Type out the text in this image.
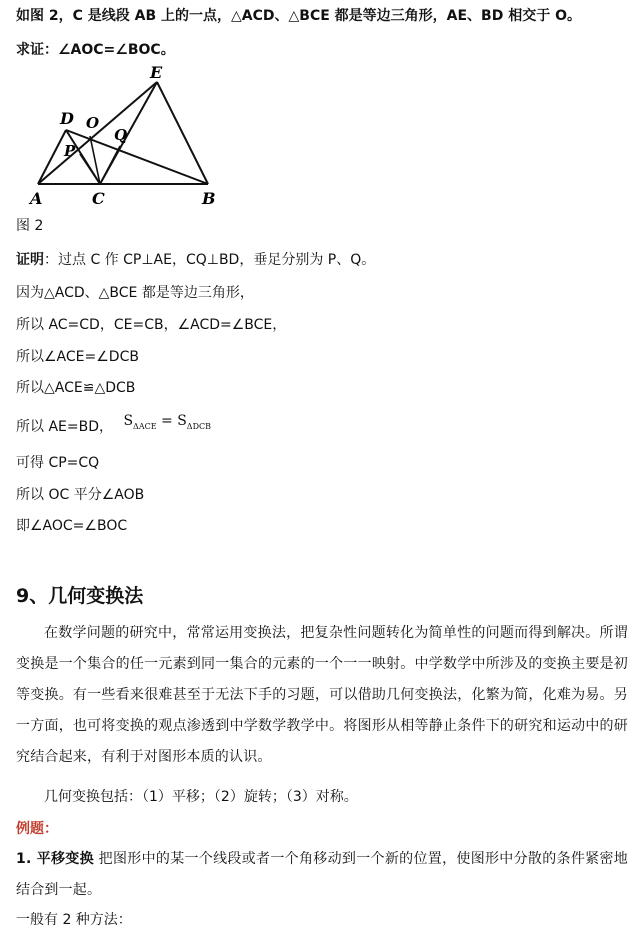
如图 2，C 是线段 AB 上的一点，△ACD、△BCE 都是等边三角形，AE、BD 相交于 O。
求证：∠AOC=∠BOC。
A	C	B
D
E
O
P
Q
图 2
证明：过点 C 作 CP⊥AE，CQ⊥BD，垂足分别为 P、Q。
因为△ACD、△BCE 都是等边三角形，
所以 AC=CD，CE=CB，∠ACD=∠BCE，
所以∠ACE=∠DCB
所以△ACE≌△DCB
所以 AE=BD， $S_{\Delta ACE} = S_{\Delta DCB}$
可得 CP=CQ
所以 OC 平分∠AOB
即∠AOC=∠BOC
9、几何变换法
在数学问题的研究中，常常运用变换法，把复杂性问题转化为简单性的问题而得到解决。所谓变换是一个集合的任一元素到同一集合的元素的一个一一映射。中学数学中所涉及的变换主要是初等变换。有一些看来很难甚至于无法下手的习题，可以借助几何变换法，化繁为简，化难为易。另一方面，也可将变换的观点渗透到中学数学教学中。将图形从相等静止条件下的研究和运动中的研究结合起来，有利于对图形本质的认识。
几何变换包括：（1）平移；（2）旋转；（3）对称。
例题：
1. 平移变换 把图形中的某一个线段或者一个角移动到一个新的位置，使图形中分散的条件紧密地结合到一起。
一般有 2 种方法：
